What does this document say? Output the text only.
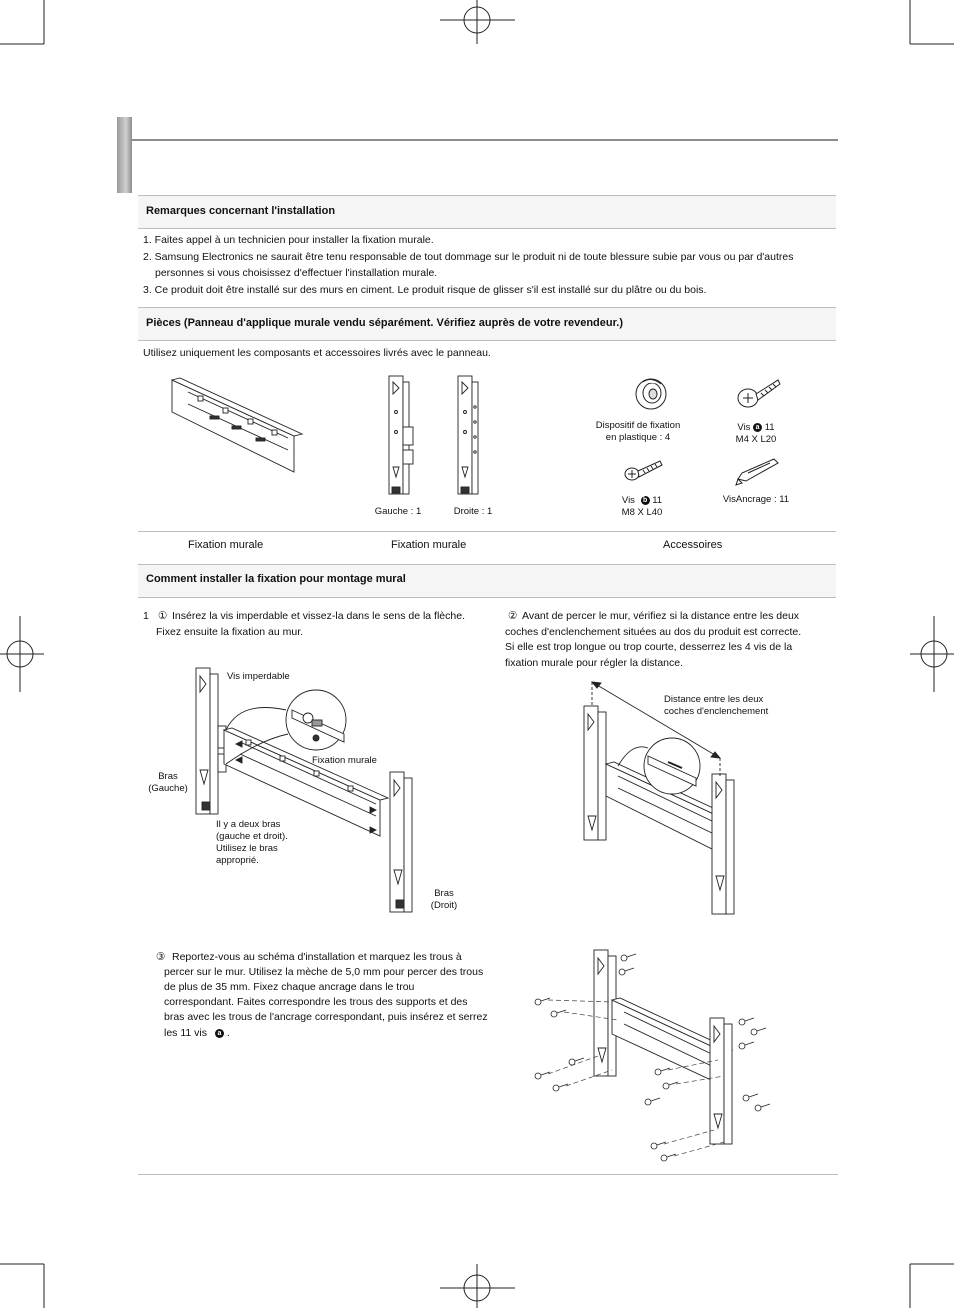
Remarques concernant l'installation
1. Faites appel à un technicien pour installer la fixation murale.
2. Samsung Electronics ne saurait être tenu responsable de tout dommage sur le produit ni de toute blessure subie par vous ou par d'autres
personnes si vous choisissez d'effectuer l'installation murale.
3. Ce produit doit être installé sur des murs en ciment. Le produit risque de glisser s'il est installé sur du plâtre ou du bois.
Pièces (Panneau d'applique murale vendu séparément. Vérifiez auprès de votre revendeur.)
Utilisez uniquement les composants et accessoires livrés avec le panneau.
Gauche : 1	Droite : 1
Dispositif de fixation
en plastique : 4
Vis a 11
M4 X L20
Vis b 11
M8 X L40
VisAncrage : 11
Fixation murale	Fixation murale	Accessoires
Comment installer la fixation pour montage mural
1 ① Insérez la vis imperdable et vissez-la dans le sens de la flèche.
Fixez ensuite la fixation au mur.
② Avant de percer le mur, vérifiez si la distance entre les deux
coches d'enclenchement situées au dos du produit est correcte.
Si elle est trop longue ou trop courte, desserrez les 4 vis de la
fixation murale pour régler la distance.
Vis imperdable
Fixation murale
Bras
(Gauche)
Il y a deux bras
(gauche et droit).
Utilisez le bras
approprié.
Bras
(Droit)
Distance entre les deux
coches d'enclenchement
③ Reportez-vous au schéma d'installation et marquez les trous à
percer sur le mur. Utilisez la mèche de 5,0 mm pour percer des trous
de plus de 35 mm. Fixez chaque ancrage dans le trou
correspondant. Faites correspondre les trous des supports et des
bras avec les trous de l'ancrage correspondant, puis insérez et serrez
les 11 vis a .
